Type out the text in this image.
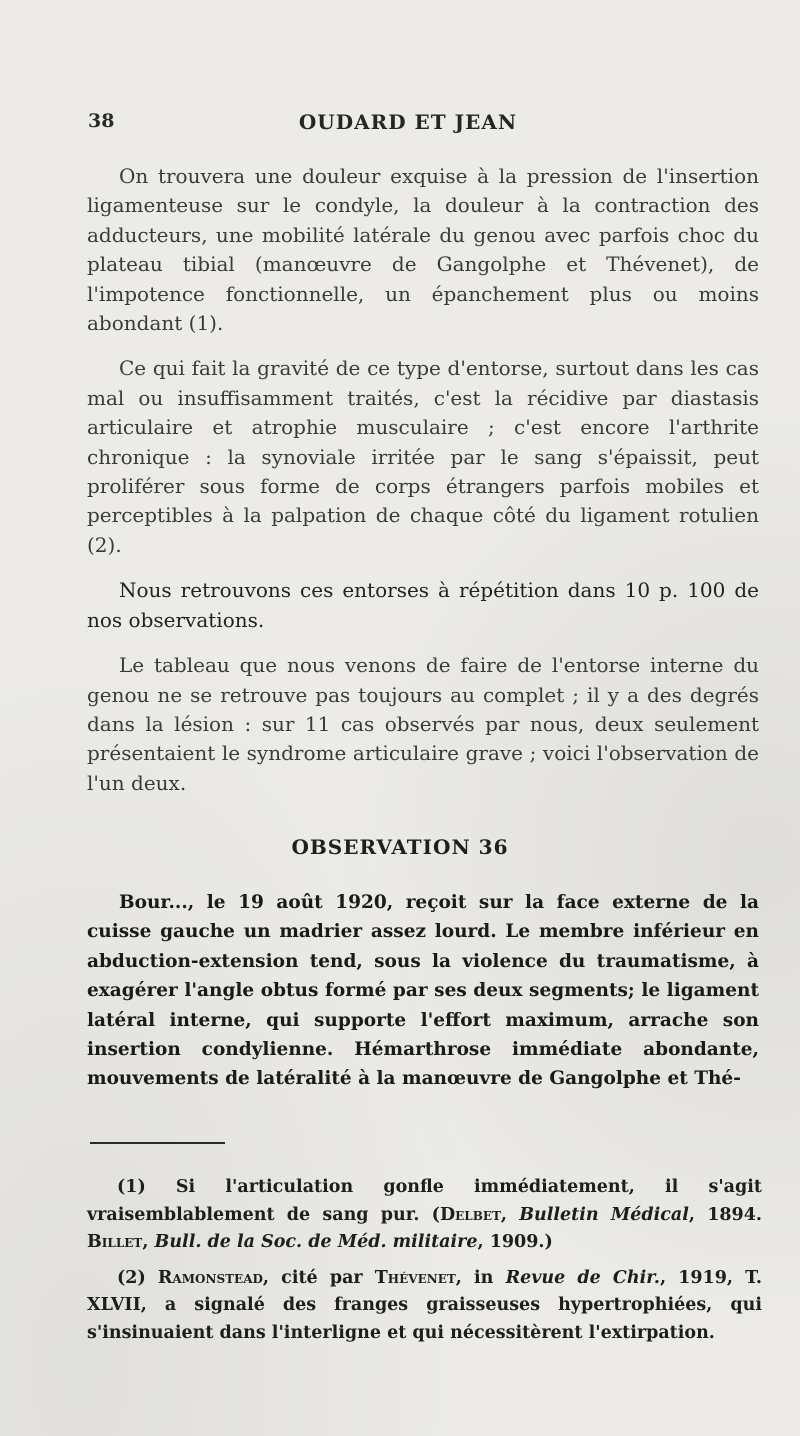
38	OUDARD ET JEAN

On trouvera une douleur exquise à la pression de l'insertion ligamenteuse sur le condyle, la douleur à la contraction des adducteurs, une mobilité latérale du genou avec parfois choc du plateau tibial (manœuvre de Gangolphe et Thévenet), de l'impotence fonctionnelle, un épanchement plus ou moins abondant (1).

Ce qui fait la gravité de ce type d'entorse, surtout dans les cas mal ou insuffisamment traités, c'est la récidive par diastasis articulaire et atrophie musculaire ; c'est encore l'arthrite chronique : la synoviale irritée par le sang s'épaissit, peut proliférer sous forme de corps étrangers parfois mobiles et perceptibles à la palpation de chaque côté du ligament rotulien (2).

Nous retrouvons ces entorses à répétition dans 10 p. 100 de nos observations.

Le tableau que nous venons de faire de l'entorse interne du genou ne se retrouve pas toujours au complet ; il y a des degrés dans la lésion : sur 11 cas observés par nous, deux seulement présentaient le syndrome articulaire grave ; voici l'observation de l'un deux.

OBSERVATION 36

Bour..., le 19 août 1920, reçoit sur la face externe de la cuisse gauche un madrier assez lourd. Le membre inférieur en abduction-extension tend, sous la violence du traumatisme, à exagérer l'angle obtus formé par ses deux segments; le ligament latéral interne, qui supporte l'effort maximum, arrache son insertion condylienne. Hémarthrose immédiate abondante, mouvements de latéralité à la manœuvre de Gangolphe et Thé-

(1) Si l'articulation gonfle immédiatement, il s'agit vraisemblablement de sang pur. (Delbet, Bulletin Médical, 1894. Billet, Bull. de la Soc. de Méd. militaire, 1909.)

(2) Ramonstead, cité par Thévenet, in Revue de Chir., 1919, T. XLVII, a signalé des franges graisseuses hypertrophiées, qui s'insinuaient dans l'interligne et qui nécessitèrent l'extirpation.
